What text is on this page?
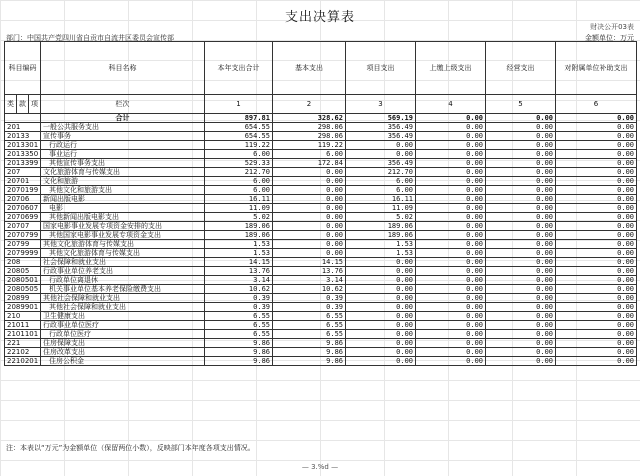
支出决算表
财决公开03表
部门：中国共产党四川省自贡市自流井区委员会宣传部	金额单位：万元
科目编码			科目名称	本年支出合计	基本支出	项目支出	上缴上级支出	经营支出	对附属单位补助支出
类	款	项							
			栏次	1	2	3	4	5	6
			合计	897.81	328.62	569.19	0.00	0.00	0.00
201			一般公共服务支出	654.55	298.06	356.49	0.00	0.00	0.00
20133			宣传事务	654.55	298.06	356.49	0.00	0.00	0.00
2013301			行政运行	119.22	119.22	0.00	0.00	0.00	0.00
2013350			事业运行	6.00	6.00	0.00	0.00	0.00	0.00
2013399			其他宣传事务支出	529.33	172.84	356.49	0.00	0.00	0.00
207			文化旅游体育与传媒支出	212.70	0.00	212.70	0.00	0.00	0.00
20701			文化和旅游	6.00	0.00	6.00	0.00	0.00	0.00
2070199			其他文化和旅游支出	6.00	0.00	6.00	0.00	0.00	0.00
20706			新闻出版电影	16.11	0.00	16.11	0.00	0.00	0.00
2070607			电影	11.09	0.00	11.09	0.00	0.00	0.00
2070699			其他新闻出版电影支出	5.02	0.00	5.02	0.00	0.00	0.00
20707			国家电影事业发展专项资金安排的支出	189.06	0.00	189.06	0.00	0.00	0.00
2070799			其他国家电影事业发展专项资金支出	189.06	0.00	189.06	0.00	0.00	0.00
20799			其他文化旅游体育与传媒支出	1.53	0.00	1.53	0.00	0.00	0.00
2079999			其他文化旅游体育与传媒支出	1.53	0.00	1.53	0.00	0.00	0.00
208			社会保障和就业支出	14.15	14.15	0.00	0.00	0.00	0.00
20805			行政事业单位养老支出	13.76	13.76	0.00	0.00	0.00	0.00
2080501			行政单位离退休	3.14	3.14	0.00	0.00	0.00	0.00
2080505			机关事业单位基本养老保险缴费支出	10.62	10.62	0.00	0.00	0.00	0.00
20899			其他社会保障和就业支出	0.39	0.39	0.00	0.00	0.00	0.00
2089901			其他社会保障和就业支出	0.39	0.39	0.00	0.00	0.00	0.00
210			卫生健康支出	6.55	6.55	0.00	0.00	0.00	0.00
21011			行政事业单位医疗	6.55	6.55	0.00	0.00	0.00	0.00
2101101			行政单位医疗	6.55	6.55	0.00	0.00	0.00	0.00
221			住房保障支出	9.86	9.86	0.00	0.00	0.00	0.00
22102			住房改革支出	9.86	9.86	0.00	0.00	0.00	0.00
2210201			住房公积金	9.86	9.86	0.00	0.00	0.00	0.00
注：本表以“万元”为金额单位（保留两位小数），反映部门本年度各项支出情况。
— 3.%d —
